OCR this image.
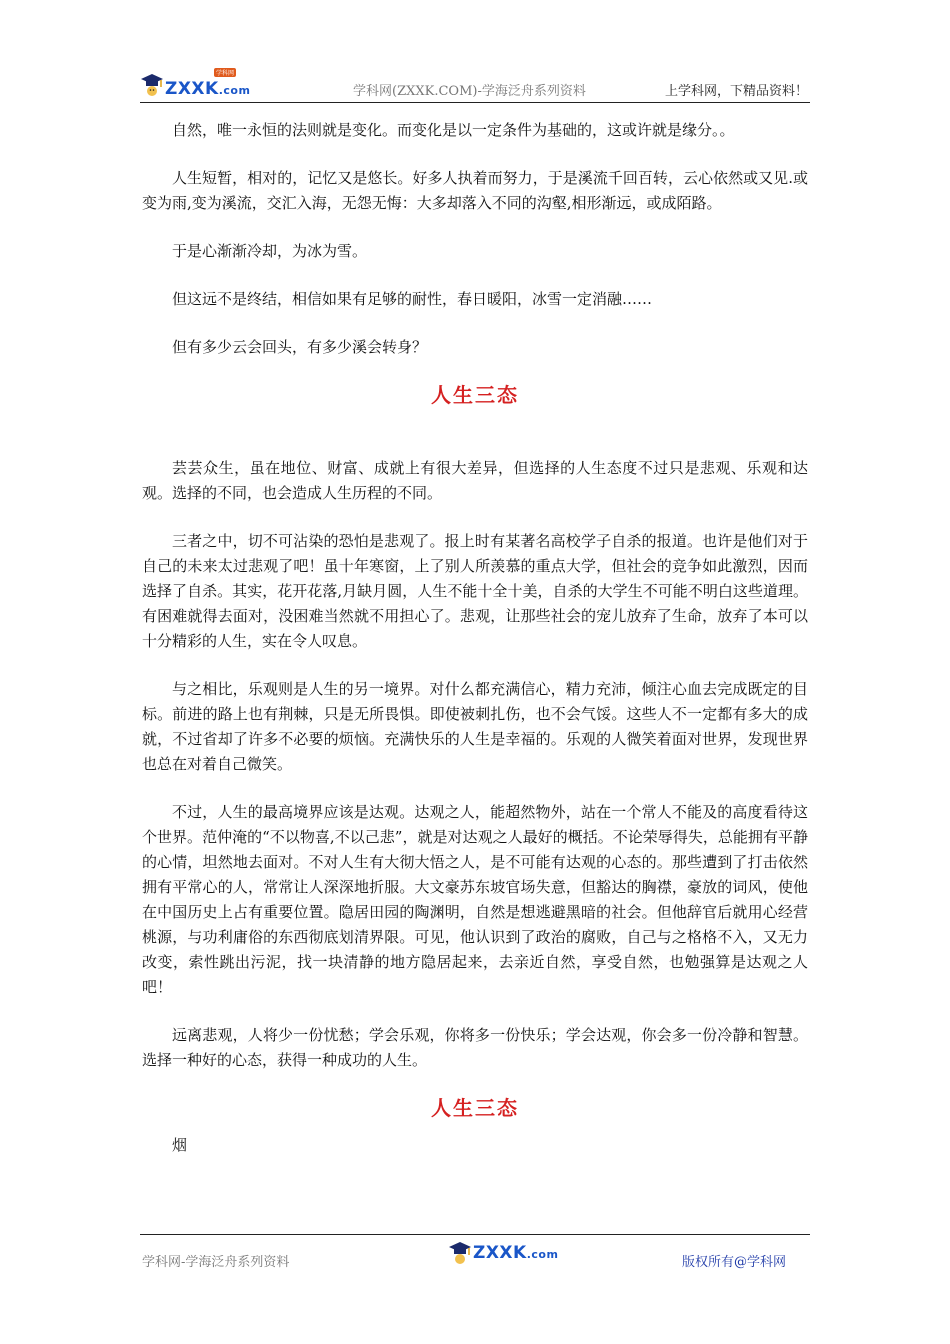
ZXXK.com
学科网
学科网(ZXXK.COM)-学海泛舟系列资料	上学科网，下精品资料！

自然，唯一永恒的法则就是变化。而变化是以一定条件为基础的，这或许就是缘分。。

人生短暂，相对的，记忆又是悠长。好多人执着而努力，于是溪流千回百转，云心依然或又见.或变为雨,变为溪流，交汇入海，无怨无悔：大多却落入不同的沟壑,相形渐远，或成陌路。

于是心渐渐冷却，为冰为雪。

但这远不是终结，相信如果有足够的耐性，春日暖阳，冰雪一定消融……

但有多少云会回头，有多少溪会转身？

人生三态

芸芸众生，虽在地位、财富、成就上有很大差异，但选择的人生态度不过只是悲观、乐观和达观。选择的不同，也会造成人生历程的不同。

三者之中，切不可沾染的恐怕是悲观了。报上时有某著名高校学子自杀的报道。也许是他们对于自己的未来太过悲观了吧！虽十年寒窗，上了别人所羡慕的重点大学，但社会的竞争如此激烈，因而选择了自杀。其实，花开花落,月缺月圆，人生不能十全十美，自杀的大学生不可能不明白这些道理。有困难就得去面对，没困难当然就不用担心了。悲观，让那些社会的宠儿放弃了生命，放弃了本可以十分精彩的人生，实在令人叹息。

与之相比，乐观则是人生的另一境界。对什么都充满信心，精力充沛，倾注心血去完成既定的目标。前进的路上也有荆棘，只是无所畏惧。即使被刺扎伤，也不会气馁。这些人不一定都有多大的成就，不过省却了许多不必要的烦恼。充满快乐的人生是幸福的。乐观的人微笑着面对世界，发现世界也总在对着自己微笑。

不过，人生的最高境界应该是达观。达观之人，能超然物外，站在一个常人不能及的高度看待这个世界。范仲淹的“不以物喜,不以己悲”，就是对达观之人最好的概括。不论荣辱得失，总能拥有平静的心情，坦然地去面对。不对人生有大彻大悟之人，是不可能有达观的心态的。那些遭到了打击依然拥有平常心的人，常常让人深深地折服。大文豪苏东坡官场失意，但豁达的胸襟，豪放的词风，使他在中国历史上占有重要位置。隐居田园的陶渊明，自然是想逃避黑暗的社会。但他辞官后就用心经营桃源，与功利庸俗的东西彻底划清界限。可见，他认识到了政治的腐败，自己与之格格不入，又无力改变，索性跳出污泥，找一块清静的地方隐居起来，去亲近自然，享受自然，也勉强算是达观之人吧！

远离悲观，人将少一份忧愁；学会乐观，你将多一份快乐；学会达观，你会多一份冷静和智慧。选择一种好的心态，获得一种成功的人生。

人生三态

烟

学科网-学海泛舟系列资料	ZXXK.com
版权所有@学科网
